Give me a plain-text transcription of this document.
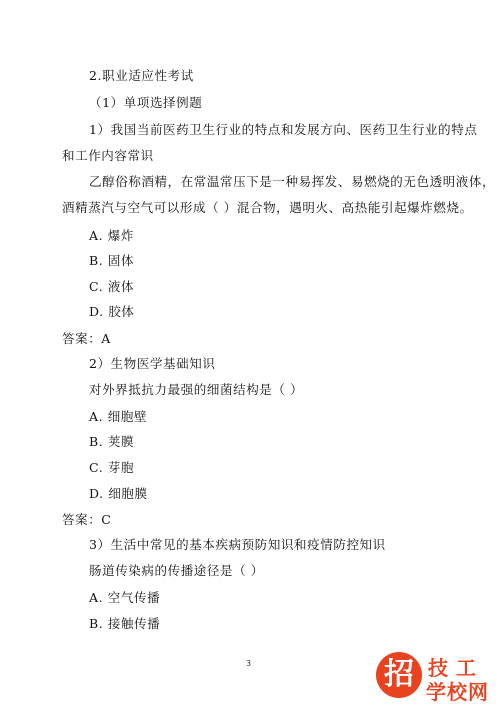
2.职业适应性考试

（1）单项选择例题

1）我国当前医药卫生行业的特点和发展方向、医药卫生行业的特点

和工作内容常识

乙醇俗称酒精，在常温常压下是一种易挥发、易燃烧的无色透明液体，

酒精蒸汽与空气可以形成（ ）混合物，遇明火、高热能引起爆炸燃烧。

A. 爆炸

B. 固体

C. 液体

D. 胶体

答案：A

2）生物医学基础知识

对外界抵抗力最强的细菌结构是（ ）

A. 细胞壁

B. 荚膜

C. 芽胞

D. 细胞膜

答案：C

3）生活中常见的基本疾病预防知识和疫情防控知识

肠道传染病的传播途径是（ ）

A. 空气传播

B. 接触传播

3	招 技工
学校网
